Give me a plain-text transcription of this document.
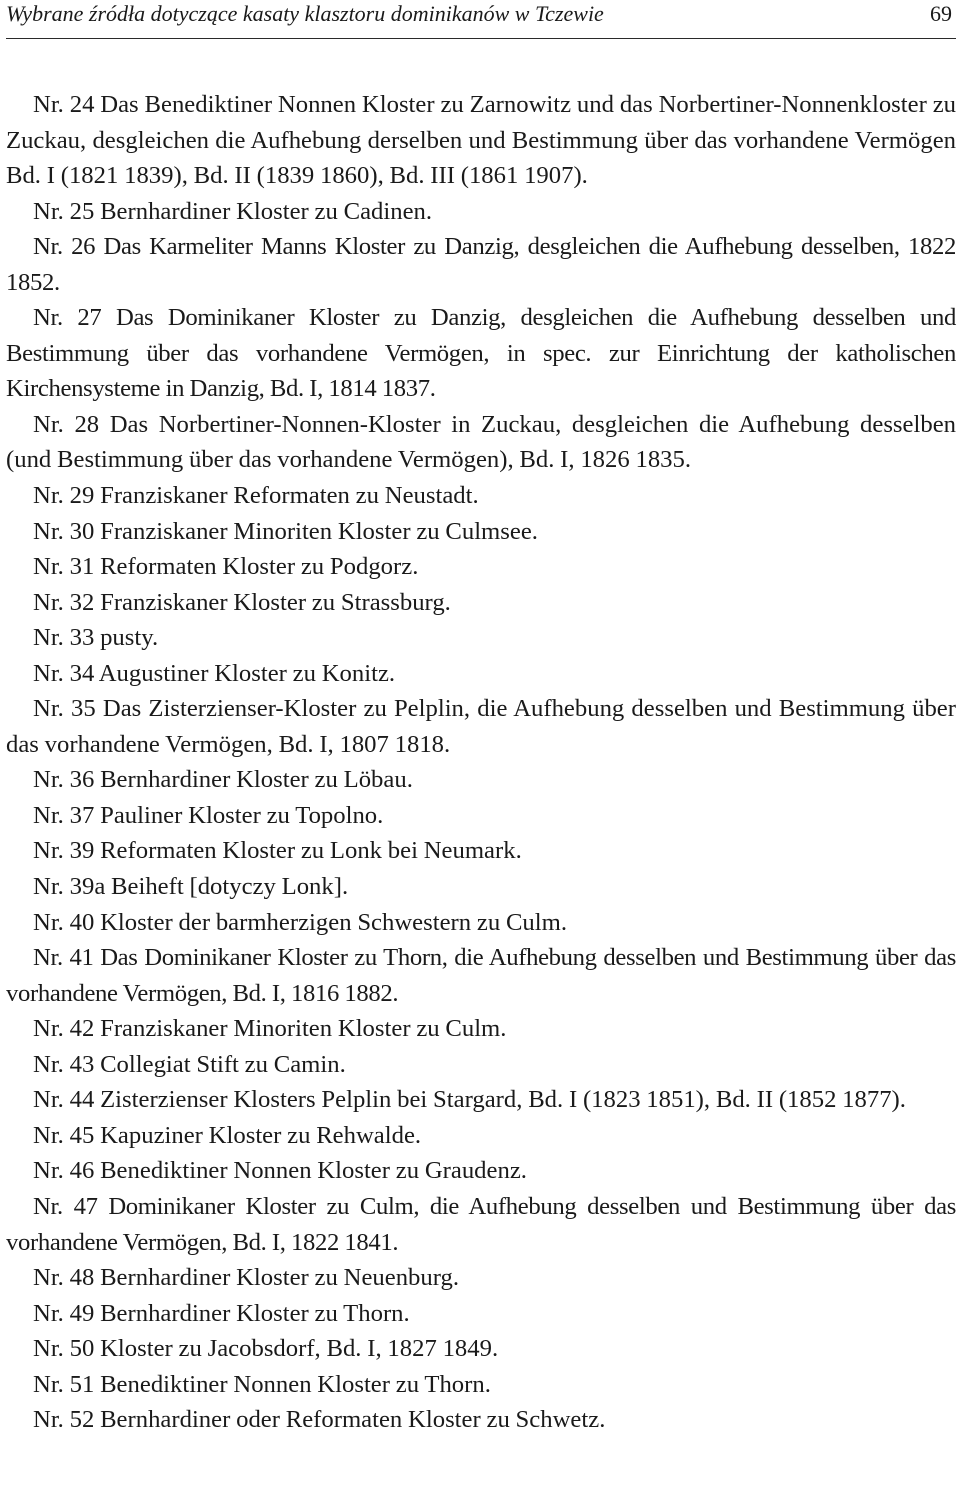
Wybrane źródła dotyczące kasaty klasztoru dominikanów w Tczewie	69

Nr. 24 Das Benediktiner Nonnen Kloster zu Zarnowitz und das Norbertiner-Nonnenkloster zu Zuckau, desgleichen die Aufhebung derselben und Bestimmung über das vorhandene Vermögen Bd. I (1821 1839), Bd. II (1839 1860), Bd. III (1861 1907).

Nr. 25 Bernhardiner Kloster zu Cadinen.

Nr. 26 Das Karmeliter Manns Kloster zu Danzig, desgleichen die Aufhebung desselben, 1822 1852.

Nr. 27 Das Dominikaner Kloster zu Danzig, desgleichen die Aufhebung desselben und Bestimmung über das vorhandene Vermögen, in spec. zur Einrichtung der katholischen Kirchensysteme in Danzig, Bd. I, 1814 1837.

Nr. 28 Das Norbertiner-Nonnen-Kloster in Zuckau, desgleichen die Aufhebung desselben (und Bestimmung über das vorhandene Vermögen), Bd. I, 1826 1835.

Nr. 29 Franziskaner Reformaten zu Neustadt.

Nr. 30 Franziskaner Minoriten Kloster zu Culmsee.

Nr. 31 Reformaten Kloster zu Podgorz.

Nr. 32 Franziskaner Kloster zu Strassburg.

Nr. 33 pusty.

Nr. 34 Augustiner Kloster zu Konitz.

Nr. 35 Das Zisterzienser-Kloster zu Pelplin, die Aufhebung desselben und Bestimmung über das vorhandene Vermögen, Bd. I, 1807 1818.

Nr. 36 Bernhardiner Kloster zu Löbau.

Nr. 37 Pauliner Kloster zu Topolno.

Nr. 39 Reformaten Kloster zu Lonk bei Neumark.

Nr. 39a Beiheft [dotyczy Lonk].

Nr. 40 Kloster der barmherzigen Schwestern zu Culm.

Nr. 41 Das Dominikaner Kloster zu Thorn, die Aufhebung desselben und Bestimmung über das vorhandene Vermögen, Bd. I, 1816 1882.

Nr. 42 Franziskaner Minoriten Kloster zu Culm.

Nr. 43 Collegiat Stift zu Camin.

Nr. 44 Zisterzienser Klosters Pelplin bei Stargard, Bd. I (1823 1851), Bd. II (1852 1877).

Nr. 45 Kapuziner Kloster zu Rehwalde.

Nr. 46 Benediktiner Nonnen Kloster zu Graudenz.

Nr. 47 Dominikaner Kloster zu Culm, die Aufhebung desselben und Bestimmung über das vorhandene Vermögen, Bd. I, 1822 1841.

Nr. 48 Bernhardiner Kloster zu Neuenburg.

Nr. 49 Bernhardiner Kloster zu Thorn.

Nr. 50 Kloster zu Jacobsdorf, Bd. I, 1827 1849.

Nr. 51 Benediktiner Nonnen Kloster zu Thorn.

Nr. 52 Bernhardiner oder Reformaten Kloster zu Schwetz.
